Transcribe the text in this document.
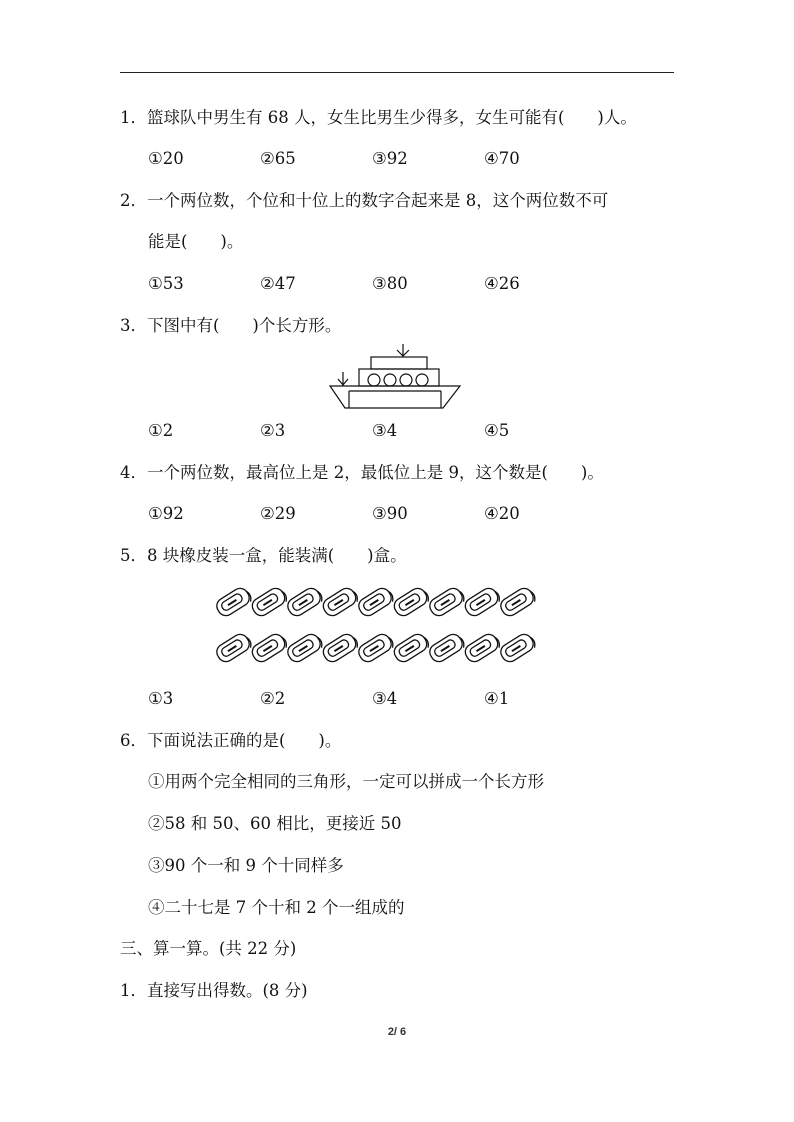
1．篮球队中男生有 68 人，女生比男生少得多，女生可能有(　　)人。
①20	②65	③92	④70
2．一个两位数，个位和十位上的数字合起来是 8，这个两位数不可
能是(　　)。
①53	②47	③80	④26
3．下图中有(　　)个长方形。
①2	②3	③4	④5
4．一个两位数，最高位上是 2，最低位上是 9，这个数是(　　)。
①92	②29	③90	④20
5．8 块橡皮装一盒，能装满(　　)盒。
①3	②2	③4	④1
6．下面说法正确的是(　　)。
①用两个完全相同的三角形，一定可以拼成一个长方形
②58 和 50、60 相比，更接近 50
③90 个一和 9 个十同样多
④二十七是 7 个十和 2 个一组成的
三、算一算。(共 22 分)
1．直接写出得数。(8 分)
2/ 6
